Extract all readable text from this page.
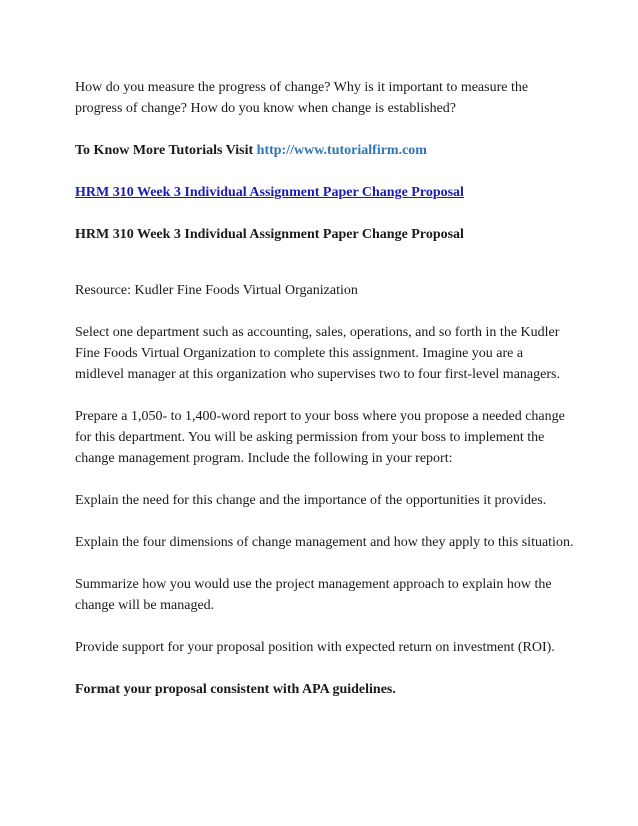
How do you measure the progress of change? Why is it important to measure the progress of change? How do you know when change is established?

To Know More Tutorials Visit http://www.tutorialfirm.com

HRM 310 Week 3 Individual Assignment Paper Change Proposal

HRM 310 Week 3 Individual Assignment Paper Change Proposal

Resource: Kudler Fine Foods Virtual Organization

Select one department such as accounting, sales, operations, and so forth in the Kudler Fine Foods Virtual Organization to complete this assignment. Imagine you are a midlevel manager at this organization who supervises two to four first-level managers.

Prepare a 1,050- to 1,400-word report to your boss where you propose a needed change for this department. You will be asking permission from your boss to implement the change management program. Include the following in your report:

Explain the need for this change and the importance of the opportunities it provides.

Explain the four dimensions of change management and how they apply to this situation.

Summarize how you would use the project management approach to explain how the change will be managed.

Provide support for your proposal position with expected return on investment (ROI).

Format your proposal consistent with APA guidelines.
